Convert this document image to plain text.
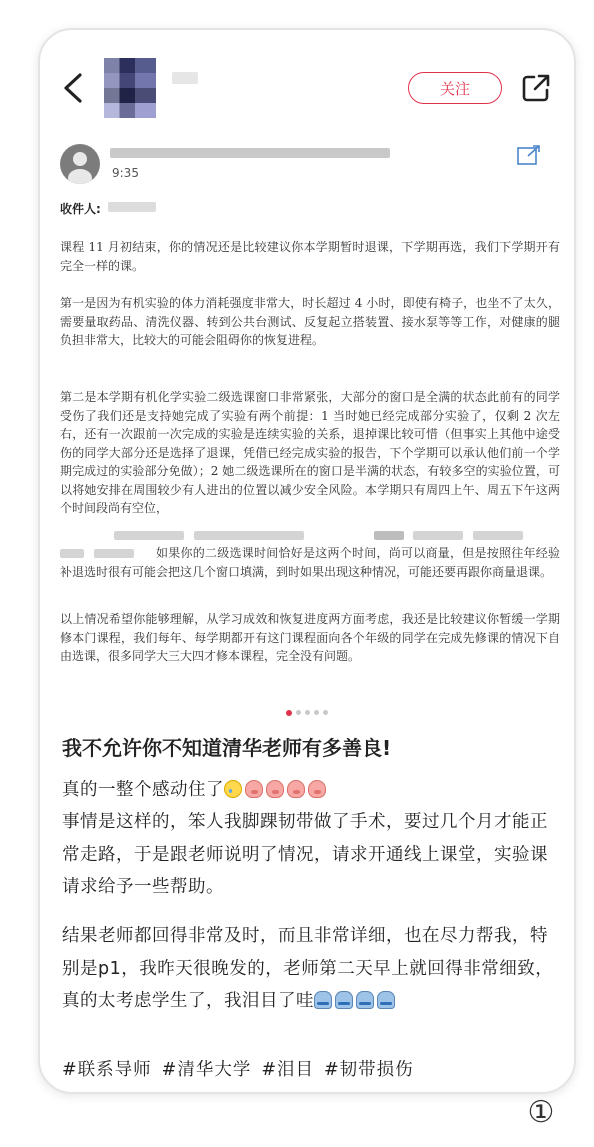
关注
9:35
收件人:

课程 11 月初结束，你的情况还是比较建议你本学期暂时退课，下学期再选，我们下学期开有完全一样的课。

第一是因为有机实验的体力消耗强度非常大，时长超过 4 小时，即使有椅子，也坐不了太久，需要量取药品、清洗仪器、转到公共台测试、反复起立搭装置、接水泵等等工作，对健康的腿负担非常大，比较大的可能会阻碍你的恢复进程。

第二是本学期有机化学实验二级选课窗口非常紧张，大部分的窗口是全满的状态此前有的同学受伤了我们还是支持她完成了实验有两个前提：1 当时她已经完成部分实验了，仅剩 2 次左右，还有一次跟前一次完成的实验是连续实验的关系，退掉课比较可惜（但事实上其他中途受伤的同学大部分还是选择了退课，凭借已经完成实验的报告，下个学期可以承认他们前一个学期完成过的实验部分免做）；2 她二级选课所在的窗口是半满的状态，有较多空的实验位置，可以将她安排在周围较少有人进出的位置以减少安全风险。本学期只有周四上午、周五下午这两个时间段尚有空位，

如果你的二级选课时间恰好是这两个时间，尚可以商量，但是按照往年经验补退选时很有可能会把这几个窗口填满，到时如果出现这种情况，可能还要再跟你商量退课。

以上情况希望你能够理解，从学习成效和恢复进度两方面考虑，我还是比较建议你暂缓一学期修本门课程，我们每年、每学期都开有这门课程面向各个年级的同学在完成先修课的情况下自由选课，很多同学大三大四才修本课程，完全没有问题。

我不允许你不知道清华老师有多善良!
真的一整个感动住了

事情是这样的，笨人我脚踝韧带做了手术，要过几个月才能正常走路，于是跟老师说明了情况，请求开通线上课堂，实验课请求给予一些帮助。

结果老师都回得非常及时，而且非常详细，也在尽力帮我，特别是p1，我昨天很晚发的，老师第二天早上就回得非常细致，真的太考虑学生了，我泪目了哇
#联系导师 #清华大学 #泪目 #韧带损伤
①
